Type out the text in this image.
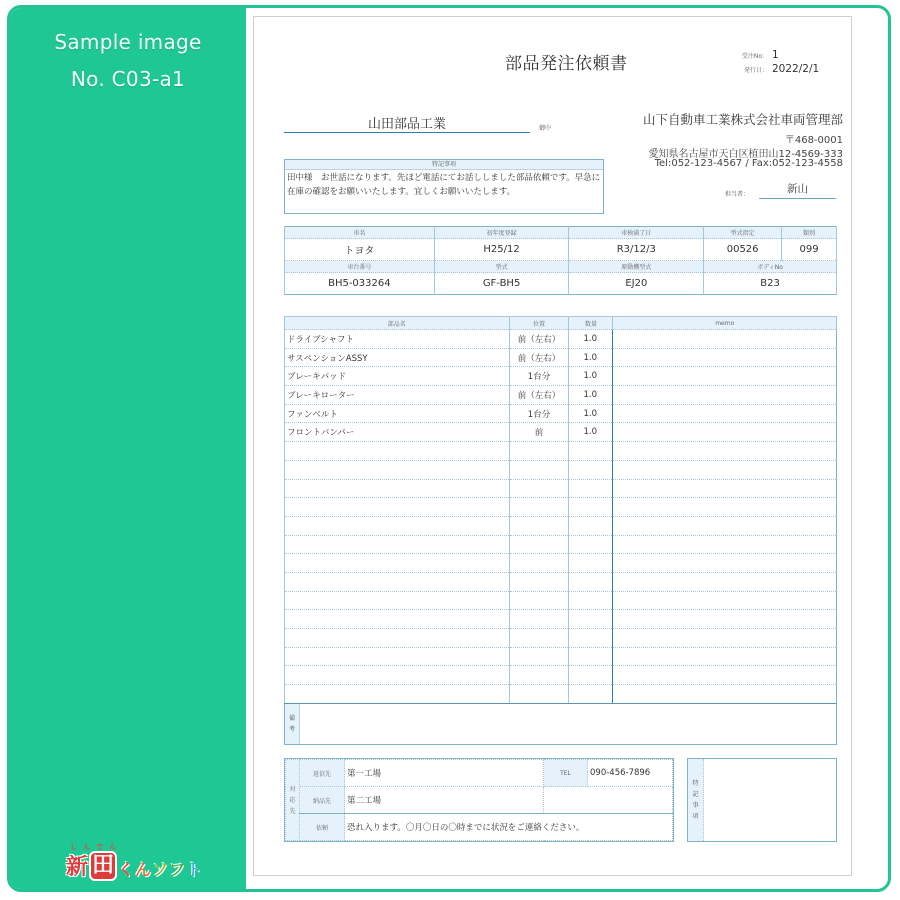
Sample image
No. C03-a1
しんでん
新 田 く ん ソ フ ト
部品発注依頼書	受注No： 1
発行日： 2022/2/1
山田部品工業	御中
山下自動車工業株式会社車両管理部
〒468-0001
愛知県名古屋市天白区植田山12-4569-333
Tel:052-123-4567 / Fax:052-123-4558
特記事項
田中様　お世話になります。先ほど電話にてお話ししました部品依頼です。早急に
在庫の確認をお願いいたします。宜しくお願いいたします。	担当者：	新山
車名	初年度登録	車検満了日	型式指定	類別
トヨタ	H25/12	R3/12/3	00526	099
車台番号	型式	原動機型式	ボディNo	
BH5-033264	GF-BH5	EJ20	B23	
部品名	位置	数量	memo
ドライブシャフト	前（左右）	1.0	
サスペンションASSY	前（左右）	1.0	
ブレーキパッド	1台分	1.0	
ブレーキローター	前（左右）	1.0	
ファンベルト	1台分	1.0	
フロントバンパー	前	1.0	

備
考
対
応
先	返信先	第一工場	TEL	090-456-7896
	納品先	第二工場		
	依頼	恐れ入ります。〇月〇日の〇時までに状況をご連絡ください。		
特
記
事
項
